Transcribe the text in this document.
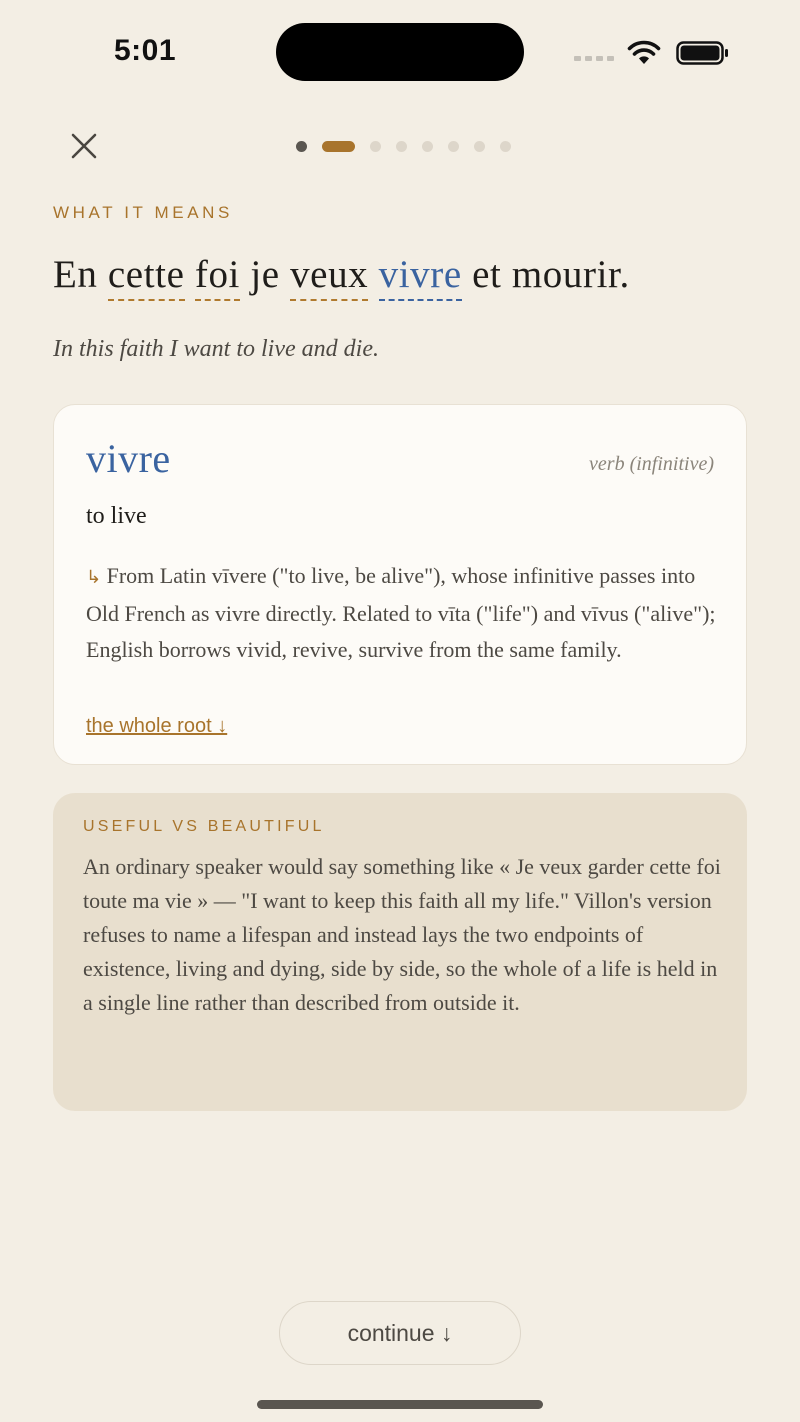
5:01
WHAT IT MEANS
En cette foi je veux vivre et mourir.
In this faith I want to live and die.
vivre	verb (infinitive)
to live
↳ From Latin vīvere ("to live, be alive"), whose infinitive passes into Old French as vivre directly. Related to vīta ("life") and vīvus ("alive"); English borrows vivid, revive, survive from the same family.
the whole root ↓
USEFUL VS BEAUTIFUL
An ordinary speaker would say something like « Je veux garder cette foi toute ma vie » — "I want to keep this faith all my life." Villon's version refuses to name a lifespan and instead lays the two endpoints of existence, living and dying, side by side, so the whole of a life is held in a single line rather than described from outside it.
continue ↓
